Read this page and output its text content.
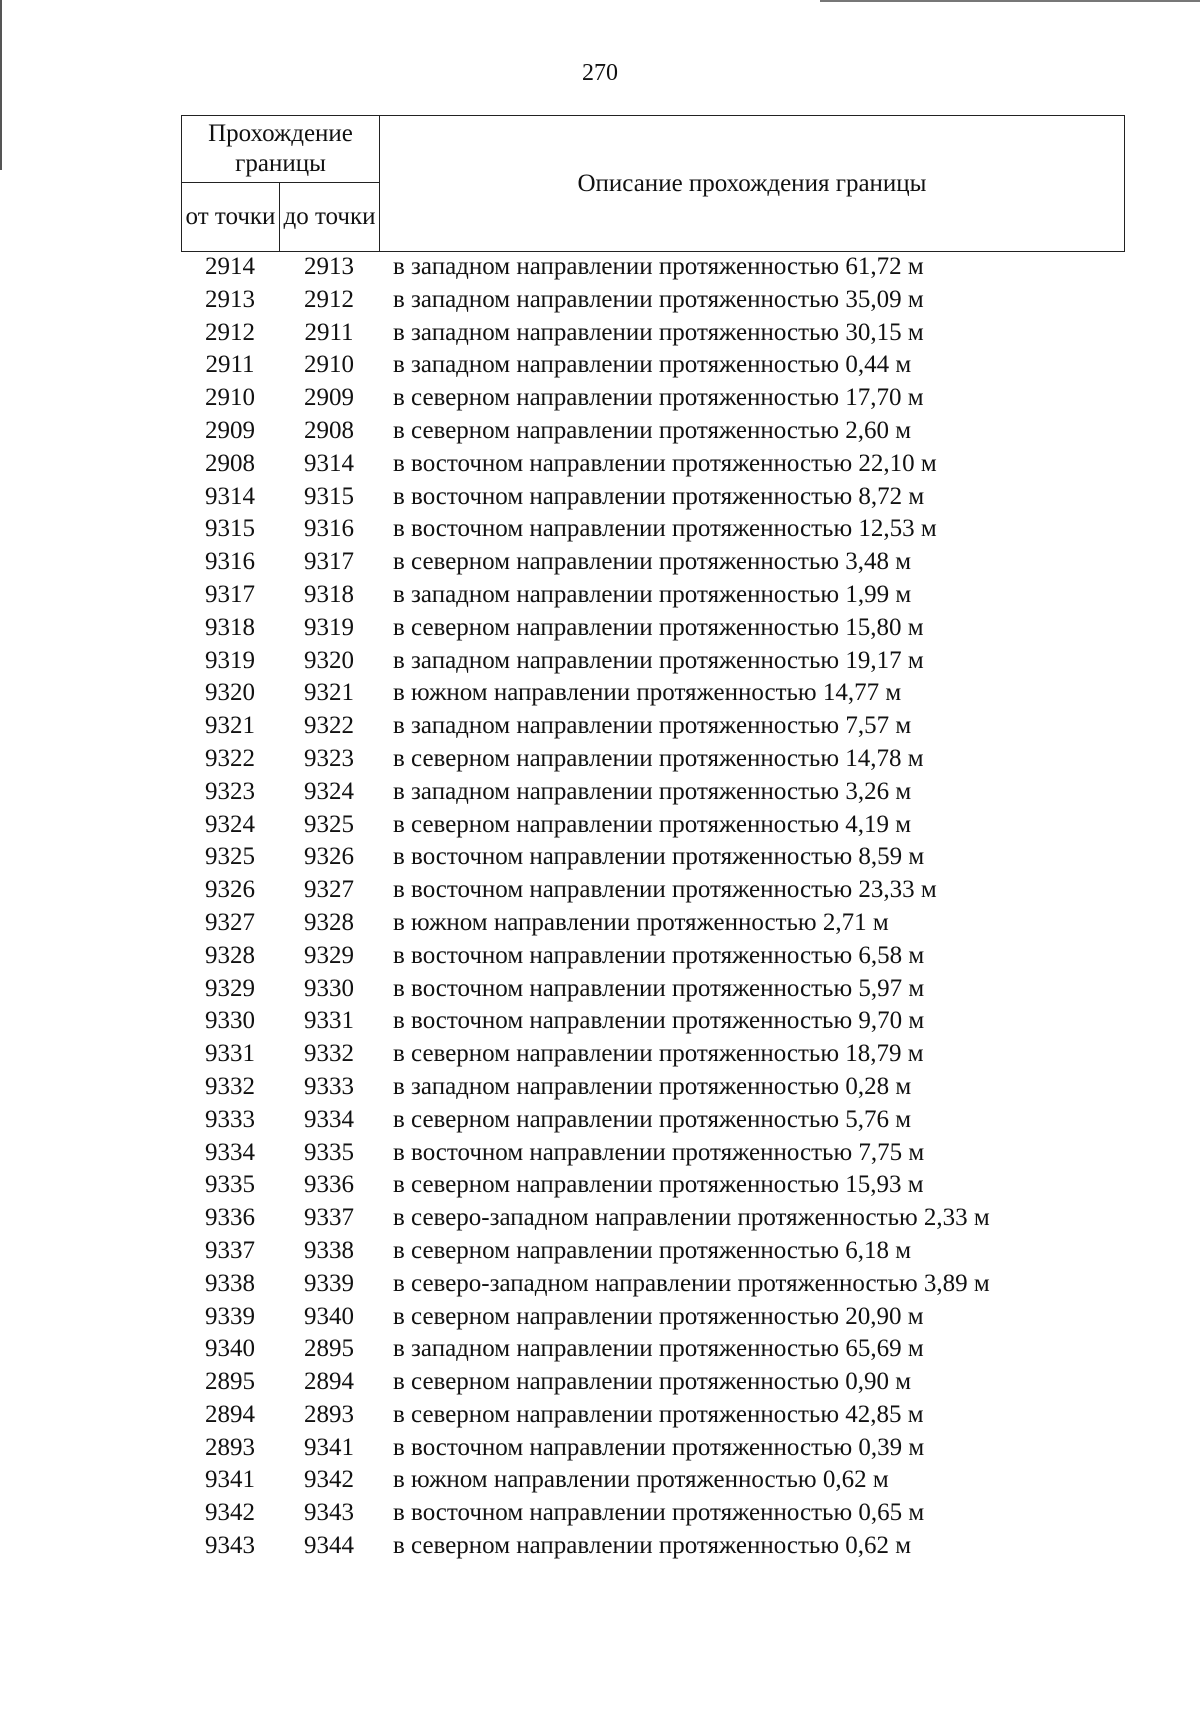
270
Прохождение границы		Описание прохождения границы
от точки	до точки	
2914	2913	в западном направлении протяженностью 61,72 м
2913	2912	в западном направлении протяженностью 35,09 м
2912	2911	в западном направлении протяженностью 30,15 м
2911	2910	в западном направлении протяженностью 0,44 м
2910	2909	в северном направлении протяженностью 17,70 м
2909	2908	в северном направлении протяженностью 2,60 м
2908	9314	в восточном направлении протяженностью 22,10 м
9314	9315	в восточном направлении протяженностью 8,72 м
9315	9316	в восточном направлении протяженностью 12,53 м
9316	9317	в северном направлении протяженностью 3,48 м
9317	9318	в западном направлении протяженностью 1,99 м
9318	9319	в северном направлении протяженностью 15,80 м
9319	9320	в западном направлении протяженностью 19,17 м
9320	9321	в южном направлении протяженностью 14,77 м
9321	9322	в западном направлении протяженностью 7,57 м
9322	9323	в северном направлении протяженностью 14,78 м
9323	9324	в западном направлении протяженностью 3,26 м
9324	9325	в северном направлении протяженностью 4,19 м
9325	9326	в восточном направлении протяженностью 8,59 м
9326	9327	в восточном направлении протяженностью 23,33 м
9327	9328	в южном направлении протяженностью 2,71 м
9328	9329	в восточном направлении протяженностью 6,58 м
9329	9330	в восточном направлении протяженностью 5,97 м
9330	9331	в восточном направлении протяженностью 9,70 м
9331	9332	в северном направлении протяженностью 18,79 м
9332	9333	в западном направлении протяженностью 0,28 м
9333	9334	в северном направлении протяженностью 5,76 м
9334	9335	в восточном направлении протяженностью 7,75 м
9335	9336	в северном направлении протяженностью 15,93 м
9336	9337	в северо-западном направлении протяженностью 2,33 м
9337	9338	в северном направлении протяженностью 6,18 м
9338	9339	в северо-западном направлении протяженностью 3,89 м
9339	9340	в северном направлении протяженностью 20,90 м
9340	2895	в западном направлении протяженностью 65,69 м
2895	2894	в северном направлении протяженностью 0,90 м
2894	2893	в северном направлении протяженностью 42,85 м
2893	9341	в восточном направлении протяженностью 0,39 м
9341	9342	в южном направлении протяженностью 0,62 м
9342	9343	в восточном направлении протяженностью 0,65 м
9343	9344	в северном направлении протяженностью 0,62 м
